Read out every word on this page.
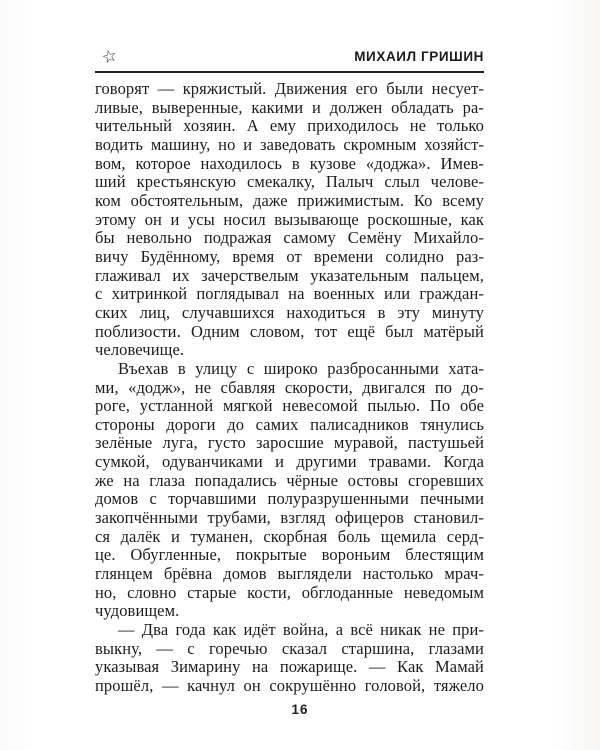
☆	МИХАИЛ ГРИШИН
говорят — кряжистый. Движения его были несует-
ливые, выверенные, какими и должен обладать ра-
чительный хозяин. А ему приходилось не только
водить машину, но и заведовать скромным хозяйст-
вом, которое находилось в кузове «доджа». Имев-
ший крестьянскую смекалку, Палыч слыл челове-
ком обстоятельным, даже прижимистым. Ко всему
этому он и усы носил вызывающе роскошные, как
бы невольно подражая самому Семёну Михайло-
вичу Будённому, время от времени солидно раз-
глаживал их зачерствелым указательным пальцем,
с хитринкой поглядывал на военных или граждан-
ских лиц, случавшихся находиться в эту минуту
поблизости. Одним словом, тот ещё был матёрый
человечище.
Въехав в улицу с широко разбросанными хата-
ми, «додж», не сбавляя скорости, двигался по до-
роге, устланной мягкой невесомой пылью. По обе
стороны дороги до самих палисадников тянулись
зелёные луга, густо заросшие муравой, пастушьей
сумкой, одуванчиками и другими травами. Когда
же на глаза попадались чёрные остовы сгоревших
домов с торчавшими полуразрушенными печными
закопчёнными трубами, взгляд офицеров становил-
ся далёк и туманен, скорбная боль щемила серд-
це. Обугленные, покрытые вороньим блестящим
глянцем брёвна домов выглядели настолько мрач-
но, словно старые кости, обглоданные неведомым
чудовищем.
— Два года как идёт война, а всё никак не при-
выкну, — с горечью сказал старшина, глазами
указывая Зимарину на пожарище. — Как Мамай
прошёл, — качнул он сокрушённо головой, тяжело
16
